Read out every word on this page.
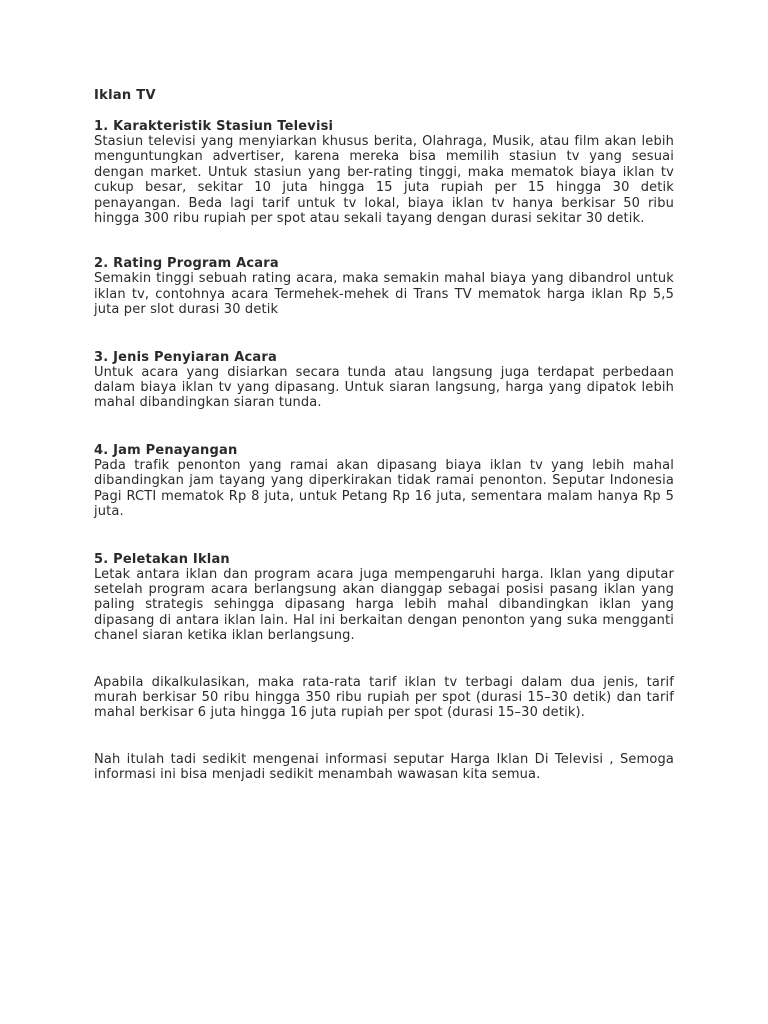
Iklan TV
1. Karakteristik Stasiun Televisi
Stasiun televisi yang menyiarkan khusus berita, Olahraga, Musik, atau film akan lebih menguntungkan advertiser, karena mereka bisa memilih stasiun tv yang sesuai dengan market. Untuk stasiun yang ber-rating tinggi, maka mematok biaya iklan tv cukup besar, sekitar 10 juta hingga 15 juta rupiah per 15 hingga 30 detik penayangan. Beda lagi tarif untuk tv lokal, biaya iklan tv hanya berkisar 50 ribu hingga 300 ribu rupiah per spot atau sekali tayang dengan durasi sekitar 30 detik.
2. Rating Program Acara
Semakin tinggi sebuah rating acara, maka semakin mahal biaya yang dibandrol untuk iklan tv, contohnya acara Termehek-mehek di Trans TV mematok harga iklan Rp 5,5 juta per slot durasi 30 detik
3. Jenis Penyiaran Acara
Untuk acara yang disiarkan secara tunda atau langsung juga terdapat perbedaan dalam biaya iklan tv yang dipasang. Untuk siaran langsung, harga yang dipatok lebih mahal dibandingkan siaran tunda.
4. Jam Penayangan
Pada trafik penonton yang ramai akan dipasang biaya iklan tv yang lebih mahal dibandingkan jam tayang yang diperkirakan tidak ramai penonton. Seputar Indonesia Pagi RCTI mematok Rp 8 juta, untuk Petang Rp 16 juta, sementara malam hanya Rp 5 juta.
5. Peletakan Iklan
Letak antara iklan dan program acara juga mempengaruhi harga. Iklan yang diputar setelah program acara berlangsung akan dianggap sebagai posisi pasang iklan yang paling strategis sehingga dipasang harga lebih mahal dibandingkan iklan yang dipasang di antara iklan lain. Hal ini berkaitan dengan penonton yang suka mengganti chanel siaran ketika iklan berlangsung.
Apabila dikalkulasikan, maka rata-rata tarif iklan tv terbagi dalam dua jenis, tarif murah berkisar 50 ribu hingga 350 ribu rupiah per spot (durasi 15–30 detik) dan tarif mahal berkisar 6 juta hingga 16 juta rupiah per spot (durasi 15–30 detik).
Nah itulah tadi sedikit mengenai informasi seputar Harga Iklan Di Televisi , Semoga informasi ini bisa menjadi sedikit menambah wawasan kita semua.
